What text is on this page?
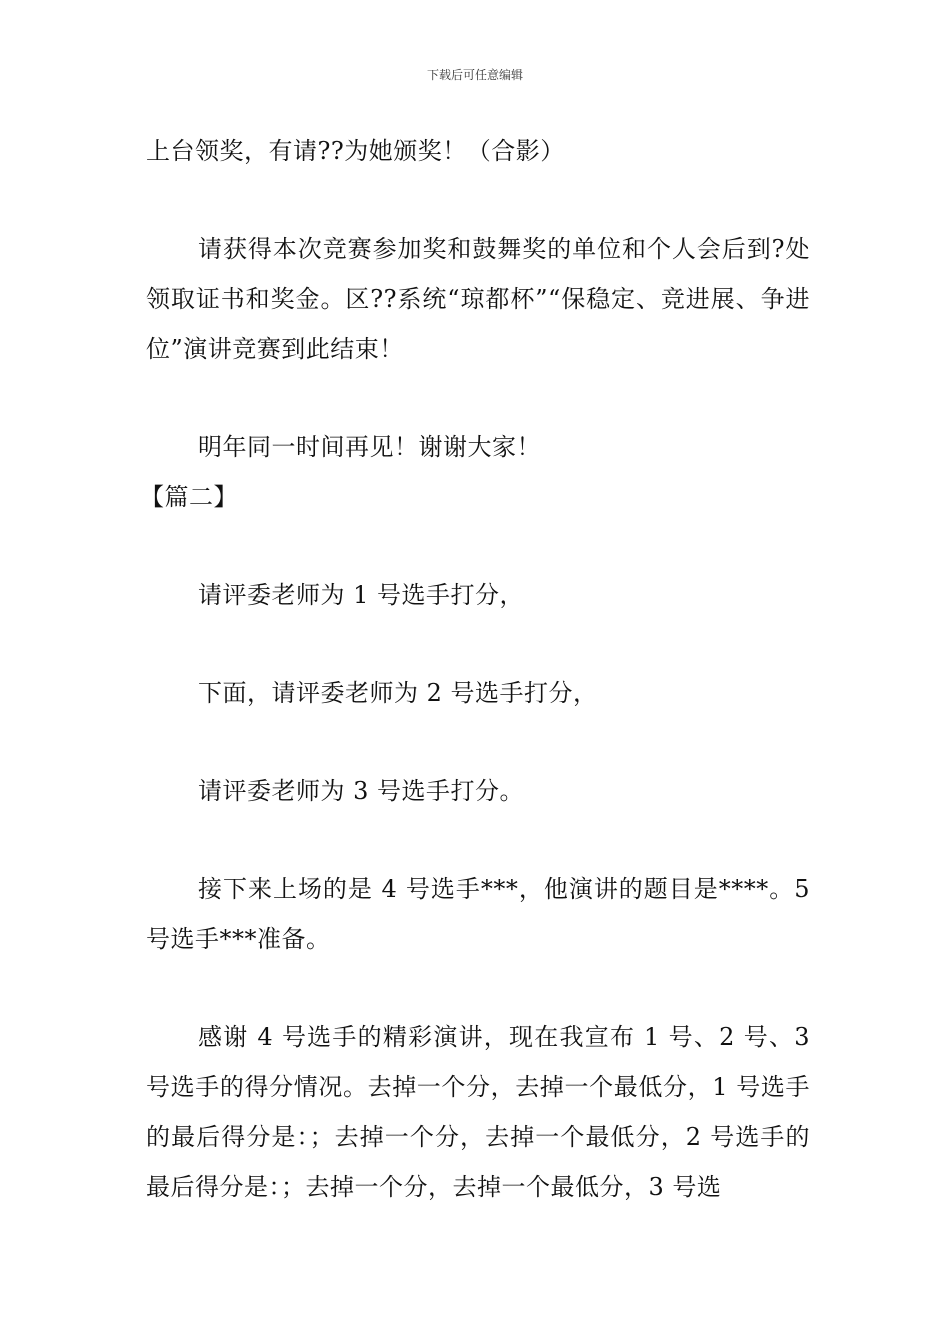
下载后可任意编辑

上台领奖，有请??为她颁奖！（合影）

请获得本次竞赛参加奖和鼓舞奖的单位和个人会后到?处领取证书和奖金。区??系统“琼都杯”“保稳定、竞进展、争进位”演讲竞赛到此结束！

明年同一时间再见！谢谢大家！

【篇二】

请评委老师为 1 号选手打分，

下面，请评委老师为 2 号选手打分，

请评委老师为 3 号选手打分。

接下来上场的是 4 号选手***，他演讲的题目是****。5 号选手***准备。

感谢 4 号选手的精彩演讲，现在我宣布 1 号、2 号、3 号选手的得分情况。去掉一个分，去掉一个最低分，1 号选手的最后得分是：；去掉一个分，去掉一个最低分，2 号选手的最后得分是：；去掉一个分，去掉一个最低分，3 号选
